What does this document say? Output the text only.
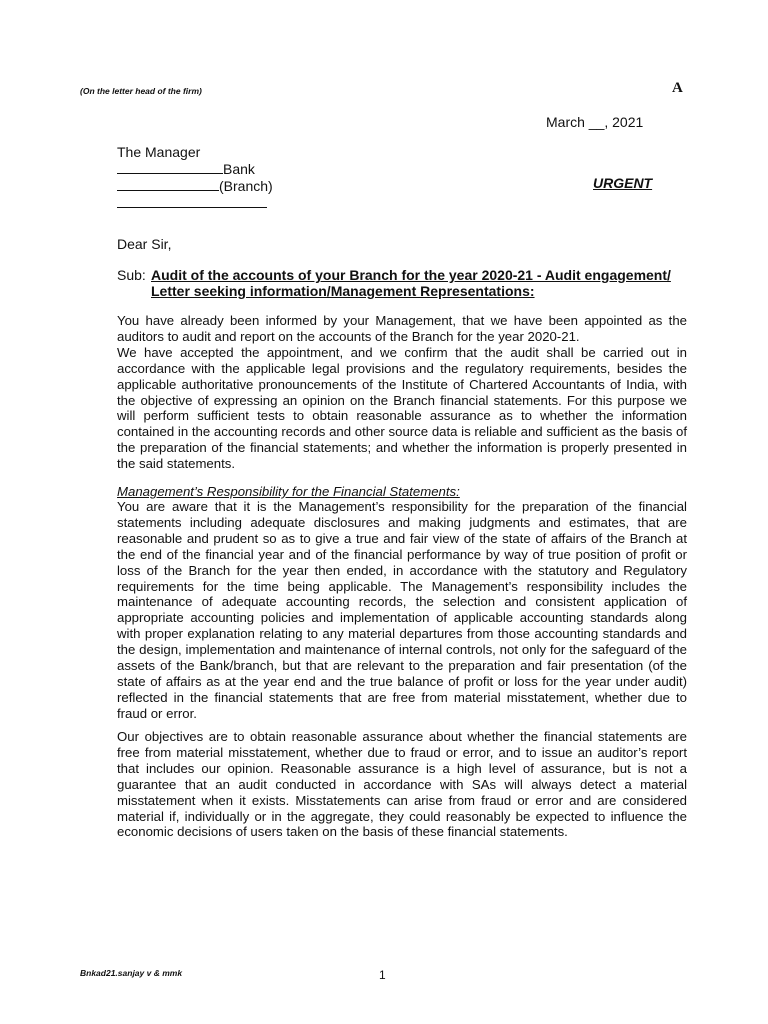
(On the letter head of the firm)	A
March __, 2021
The Manager
Bank
(Branch)	URGENT
Dear Sir,
Sub: Audit of the accounts of your Branch for the year 2020-21 - Audit engagement/ Letter seeking information/Management Representations:
You have already been informed by your Management, that we have been appointed as the auditors to audit and report on the accounts of the Branch for the year 2020-21.
We have accepted the appointment, and we confirm that the audit shall be carried out in accordance with the applicable legal provisions and the regulatory requirements, besides the applicable authoritative pronouncements of the Institute of Chartered Accountants of India, with the objective of expressing an opinion on the Branch financial statements. For this purpose we will perform sufficient tests to obtain reasonable assurance as to whether the information contained in the accounting records and other source data is reliable and sufficient as the basis of the preparation of the financial statements; and whether the information is properly presented in the said statements.
Management’s Responsibility for the Financial Statements:
You are aware that it is the Management’s responsibility for the preparation of the financial statements including adequate disclosures and making judgments and estimates, that are reasonable and prudent so as to give a true and fair view of the state of affairs of the Branch at the end of the financial year and of the financial performance by way of true position of profit or loss of the Branch for the year then ended, in accordance with the statutory and Regulatory requirements for the time being applicable. The Management’s responsibility includes the maintenance of adequate accounting records, the selection and consistent application of appropriate accounting policies and implementation of applicable accounting standards along with proper explanation relating to any material departures from those accounting standards and the design, implementation and maintenance of internal controls, not only for the safeguard of the assets of the Bank/branch, but that are relevant to the preparation and fair presentation (of the state of affairs as at the year end and the true balance of profit or loss for the year under audit) reflected in the financial statements that are free from material misstatement, whether due to fraud or error.
Our objectives are to obtain reasonable assurance about whether the financial statements are free from material misstatement, whether due to fraud or error, and to issue an auditor’s report that includes our opinion. Reasonable assurance is a high level of assurance, but is not a guarantee that an audit conducted in accordance with SAs will always detect a material misstatement when it exists. Misstatements can arise from fraud or error and are considered material if, individually or in the aggregate, they could reasonably be expected to influence the economic decisions of users taken on the basis of these financial statements.
Bnkad21.sanjay v & mmk	1
